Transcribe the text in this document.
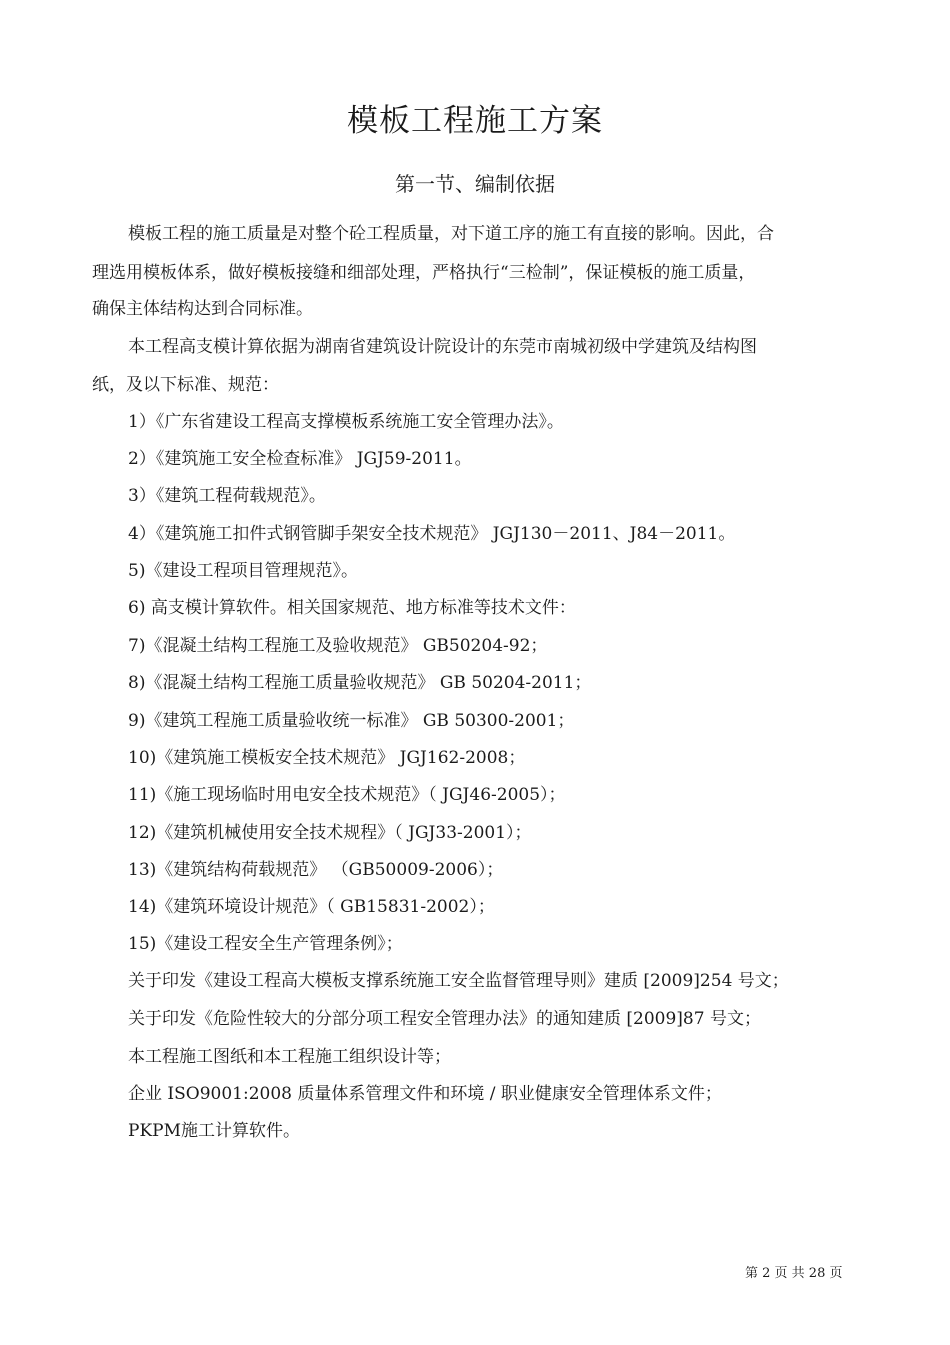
模板工程施工方案
第一节、编制依据
模板工程的施工质量是对整个砼工程质量，对下道工序的施工有直接的影响。因此，合
理选用模板体系，做好模板接缝和细部处理，严格执行“三检制”，保证模板的施工质量，
确保主体结构达到合同标准。
本工程高支模计算依据为湖南省建筑设计院设计的东莞市南城初级中学建筑及结构图
纸，及以下标准、规范：
1）《广东省建设工程高支撑模板系统施工安全管理办法》。
2）《建筑施工安全检查标准》 JGJ59-2011。
3）《建筑工程荷载规范》。
4）《建筑施工扣件式钢管脚手架安全技术规范》 JGJ130－2011、J84－2011。
5)《建设工程项目管理规范》。
6) 高支模计算软件。相关国家规范、地方标准等技术文件：
7)《混凝土结构工程施工及验收规范》 GB50204-92；
8)《混凝土结构工程施工质量验收规范》 GB 50204-2011；
9)《建筑工程施工质量验收统一标准》 GB 50300-2001；
10)《建筑施工模板安全技术规范》 JGJ162-2008；
11)《施工现场临时用电安全技术规范》（ JGJ46-2005）；
12)《建筑机械使用安全技术规程》（ JGJ33-2001）；
13)《建筑结构荷载规范》 （GB50009-2006）；
14)《建筑环境设计规范》（ GB15831-2002）；
15)《建设工程安全生产管理条例》；
关于印发《建设工程高大模板支撑系统施工安全监督管理导则》建质 [2009]254 号文；
关于印发《危险性较大的分部分项工程安全管理办法》的通知建质 [2009]87 号文；
本工程施工图纸和本工程施工组织设计等；
企业 ISO9001:2008 质量体系管理文件和环境 / 职业健康安全管理体系文件；
PKPM施工计算软件。
第 2 页 共 28 页
